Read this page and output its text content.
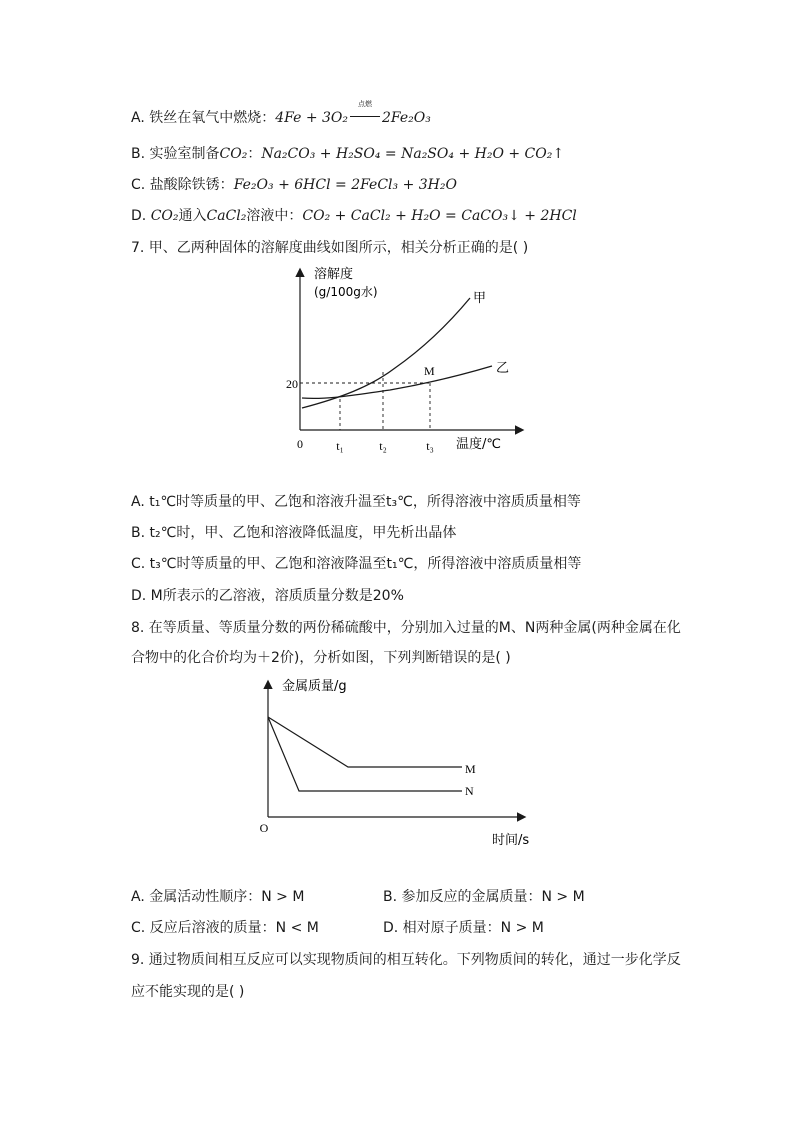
A. 铁丝在氧气中燃烧：4Fe + 3O₂
点燃
2Fe₂O₃
B. 实验室制备CO₂：Na₂CO₃ + H₂SO₄ = Na₂SO₄ + H₂O + CO₂↑
C. 盐酸除铁锈：Fe₂O₃ + 6HCl = 2FeCl₃ + 3H₂O
D. CO₂通入CaCl₂溶液中：CO₂ + CaCl₂ + H₂O = CaCO₃↓ + 2HCl
7. 甲、乙两种固体的溶解度曲线如图所示，相关分析正确的是( )
溶解度
(g/100g水)
0	温度/℃
t₁	t₂	t₃
20
甲
乙
M
A. t₁℃时等质量的甲、乙饱和溶液升温至t₃℃，所得溶液中溶质质量相等
B. t₂℃时，甲、乙饱和溶液降低温度，甲先析出晶体
C. t₃℃时等质量的甲、乙饱和溶液降温至t₁℃，所得溶液中溶质质量相等
D. M所表示的乙溶液，溶质质量分数是20%
8. 在等质量、等质量分数的两份稀硫酸中，分别加入过量的M、N两种金属(两种金属在化
合物中的化合价均为＋2价)，分析如图，下列判断错误的是( )
金属质量/g
时间/s
O
M
N
A. 金属活动性顺序：N > M	B. 参加反应的金属质量：N > M
C. 反应后溶液的质量：N < M	D. 相对原子质量：N > M
9. 通过物质间相互反应可以实现物质间的相互转化。下列物质间的转化，通过一步化学反
应不能实现的是( )
